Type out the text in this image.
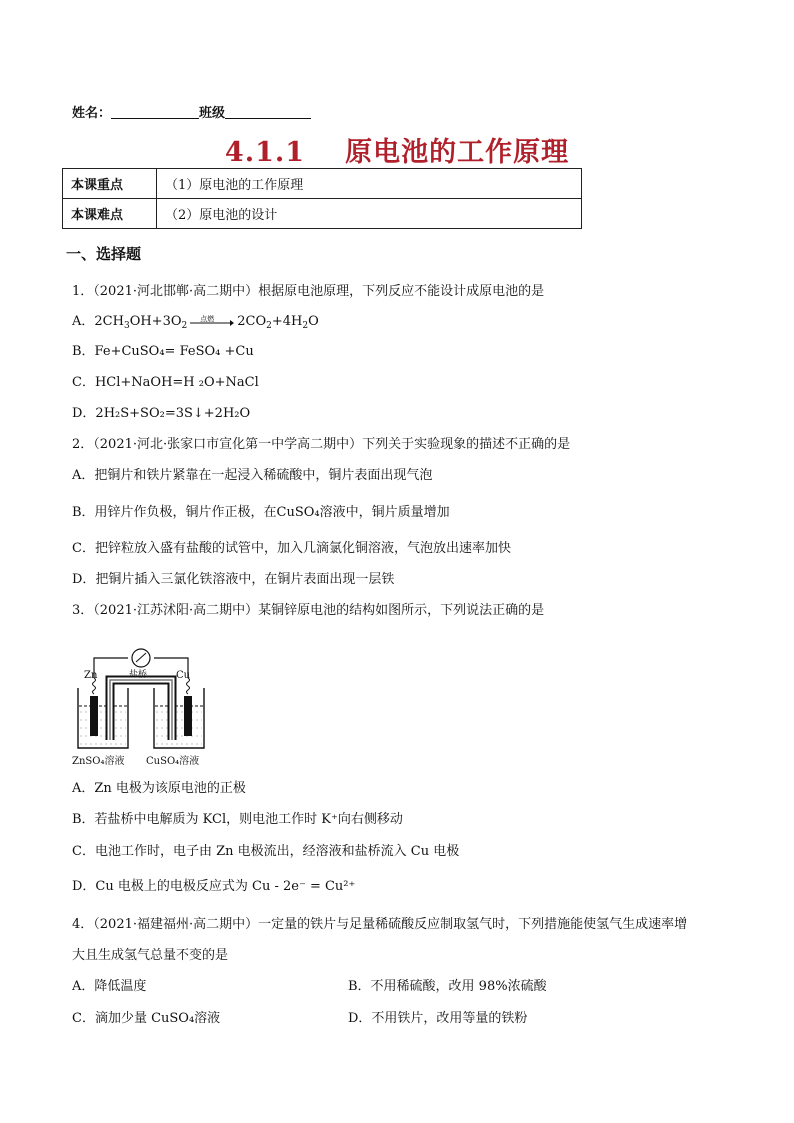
姓名：	班级
4.1.1 原电池的工作原理
本课重点	（1）原电池的工作原理
本课难点	（2）原电池的设计
一、选择题
1．（2021·河北邯郸·高二期中）根据原电池原理，下列反应不能设计成原电池的是
A．$2CH_3OH+3O_2$
点燃 $2CO_2+4H_2O$
B．Fe+CuSO₄= FeSO₄ +Cu
C．HCl+NaOH=H ₂O+NaCl
D．2H₂S+SO₂=3S↓+2H₂O
2．（2021·河北·张家口市宣化第一中学高二期中）下列关于实验现象的描述不正确的是
A．把铜片和铁片紧靠在一起浸入稀硫酸中，铜片表面出现气泡
B．用锌片作负极，铜片作正极，在CuSO₄溶液中，铜片质量增加
C．把锌粒放入盛有盐酸的试管中，加入几滴氯化铜溶液，气泡放出速率加快
D．把铜片插入三氯化铁溶液中，在铜片表面出现一层铁
3．（2021·江苏沭阳·高二期中）某铜锌原电池的结构如图所示，下列说法正确的是
Zn	Cu
盐桥
ZnSO₄溶液 CuSO₄溶液
A．Zn 电极为该原电池的正极
B．若盐桥中电解质为 KCl，则电池工作时 K⁺向右侧移动
C．电池工作时，电子由 Zn 电极流出，经溶液和盐桥流入 Cu 电极
D．Cu 电极上的电极反应式为 Cu - 2e⁻ = Cu²⁺
4．（2021·福建福州·高二期中）一定量的铁片与足量稀硫酸反应制取氢气时，下列措施能使氢气生成速率增
大且生成氢气总量不变的是
A．降低温度	B．不用稀硫酸，改用 98%浓硫酸
C．滴加少量 CuSO₄溶液	D．不用铁片，改用等量的铁粉
